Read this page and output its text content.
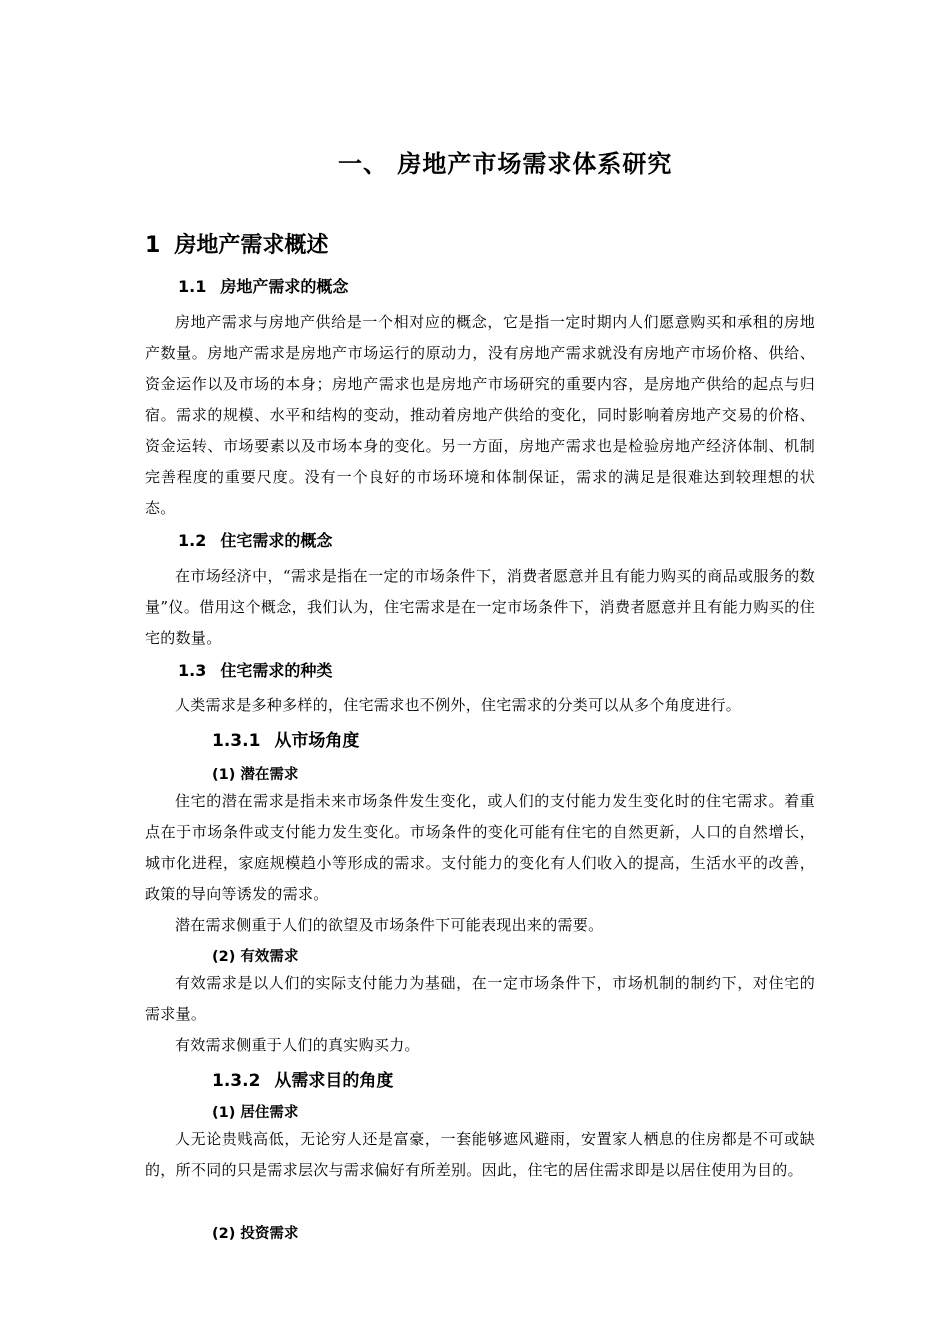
一、 房地产市场需求体系研究
1 房地产需求概述
1.1 房地产需求的概念

房地产需求与房地产供给是一个相对应的概念，它是指一定时期内人们愿意购买和承租的房地产数量。房地产需求是房地产市场运行的原动力，没有房地产需求就没有房地产市场价格、供给、资金运作以及市场的本身；房地产需求也是房地产市场研究的重要内容，是房地产供给的起点与归宿。需求的规模、水平和结构的变动，推动着房地产供给的变化，同时影响着房地产交易的价格、资金运转、市场要素以及市场本身的变化。另一方面，房地产需求也是检验房地产经济体制、机制完善程度的重要尺度。没有一个良好的市场环境和体制保证，需求的满足是很难达到较理想的状态。

1.2 住宅需求的概念

在市场经济中，“需求是指在一定的市场条件下，消费者愿意并且有能力购买的商品或服务的数量”仪。借用这个概念，我们认为，住宅需求是在一定市场条件下，消费者愿意并且有能力购买的住宅的数量。

1.3 住宅需求的种类

人类需求是多种多样的，住宅需求也不例外，住宅需求的分类可以从多个角度进行。

1.3.1 从市场角度
(1) 潜在需求

住宅的潜在需求是指未来市场条件发生变化，或人们的支付能力发生变化时的住宅需求。着重点在于市场条件或支付能力发生变化。市场条件的变化可能有住宅的自然更新，人口的自然增长，城市化进程，家庭规模趋小等形成的需求。支付能力的变化有人们收入的提高，生活水平的改善，政策的导向等诱发的需求。

潜在需求侧重于人们的欲望及市场条件下可能表现出来的需要。

(2) 有效需求

有效需求是以人们的实际支付能力为基础，在一定市场条件下，市场机制的制约下，对住宅的需求量。

有效需求侧重于人们的真实购买力。

1.3.2 从需求目的角度
(1) 居住需求

人无论贵贱高低，无论穷人还是富豪，一套能够遮风避雨，安置家人栖息的住房都是不可或缺的，所不同的只是需求层次与需求偏好有所差别。因此，住宅的居住需求即是以居住使用为目的。

(2) 投资需求
